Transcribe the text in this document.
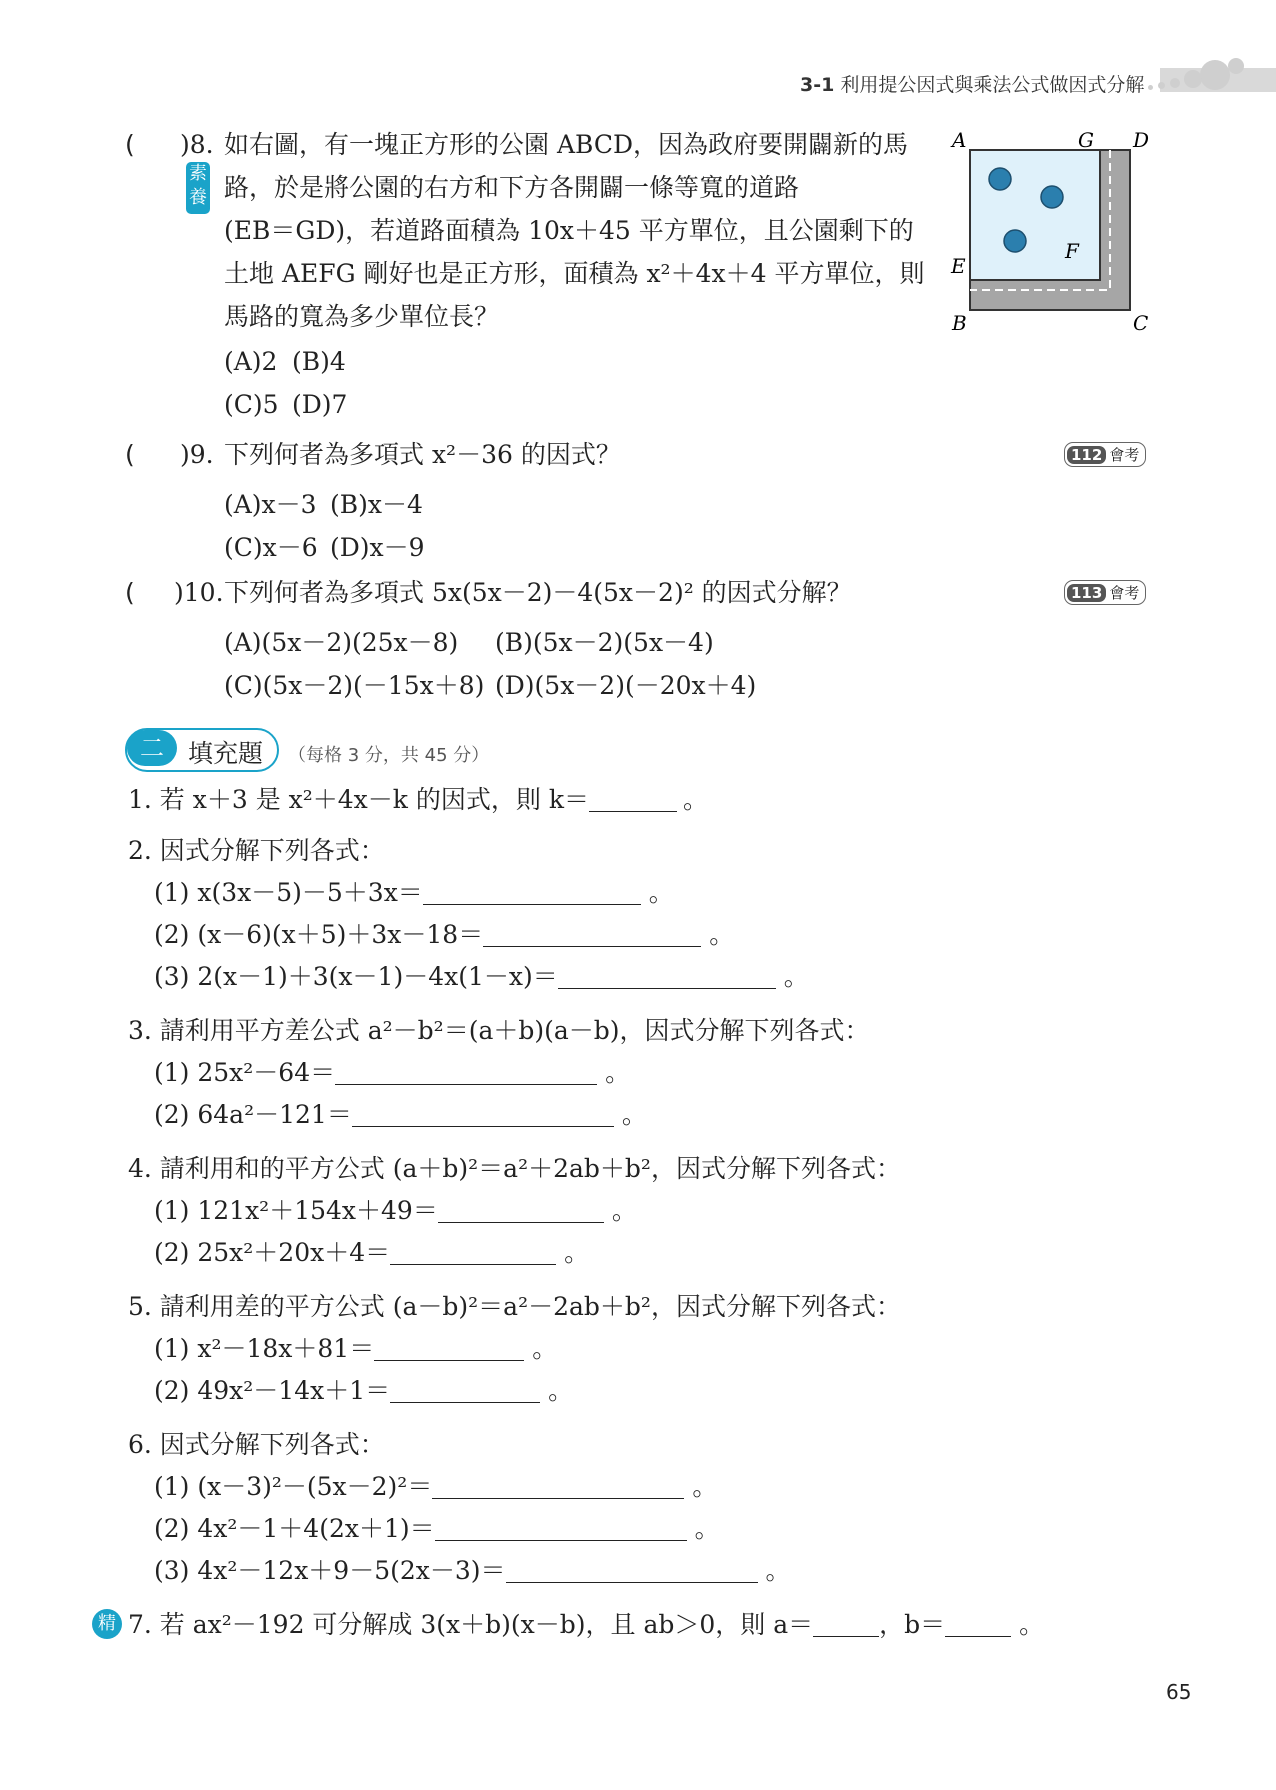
3-1 利用提公因式與乘法公式做因式分解
( )8.
素養
如右圖，有一塊正方形的公園 ABCD，因為政府要開闢新的馬
路，於是將公園的右方和下方各開闢一條等寬的道路
(EB＝GD)，若道路面積為 10x＋45 平方單位，且公園剩下的
土地 AEFG 剛好也是正方形，面積為 x²＋4x＋4 平方單位，則
馬路的寬為多少單位長？
(A)2 (B)4
(C)5 (D)7
A	G D
E
F
B	C
( )9. 下列何者為多項式 x²－36 的因式？	112 會考
(A)x－3 (B)x－4
(C)x－6 (D)x－9
( )10. 下列何者為多項式 5x(5x－2)－4(5x－2)² 的因式分解？	113 會考
(A)(5x－2)(25x－8) (B)(5x－2)(5x－4)
(C)(5x－2)(－15x＋8) (D)(5x－2)(－20x＋4)
二 填充題 （每格 3 分，共 45 分）
1. 若 x＋3 是 x²＋4x－k 的因式，則 k＝	。
2. 因式分解下列各式：
(1) x(3x－5)－5＋3x＝	。
(2) (x－6)(x＋5)＋3x－18＝	。
(3) 2(x－1)＋3(x－1)－4x(1－x)＝	。
3. 請利用平方差公式 a²－b²＝(a＋b)(a－b)，因式分解下列各式：
(1) 25x²－64＝	。
(2) 64a²－121＝	。
4. 請利用和的平方公式 (a＋b)²＝a²＋2ab＋b²，因式分解下列各式：
(1) 121x²＋154x＋49＝	。
(2) 25x²＋20x＋4＝	。
5. 請利用差的平方公式 (a－b)²＝a²－2ab＋b²，因式分解下列各式：
(1) x²－18x＋81＝	。
(2) 49x²－14x＋1＝	。
6. 因式分解下列各式：
(1) (x－3)²－(5x－2)²＝	。
(2) 4x²－1＋4(2x＋1)＝	。
(3) 4x²－12x＋9－5(2x－3)＝	。
精 7. 若 ax²－192 可分解成 3(x＋b)(x－b)，且 ab＞0，則 a＝	，b＝	。
65
